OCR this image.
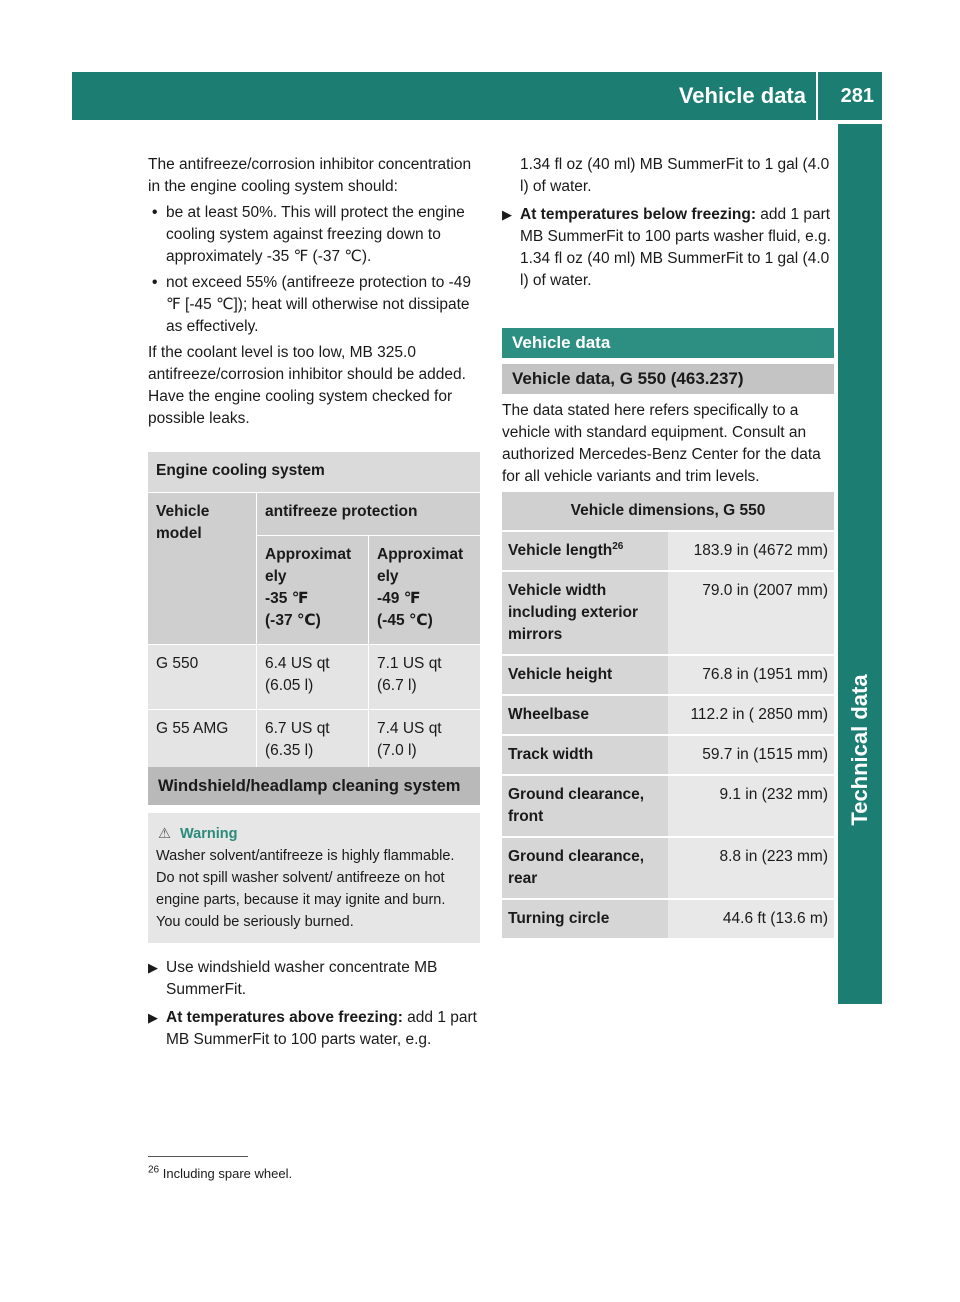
Vehicle data	281
Technical data

The antifreeze/corrosion inhibitor concentration in the engine cooling system should:

• be at least 50%. This will protect the engine cooling system against freezing down to approximately -35 ℉ (-37 ℃).
• not exceed 55% (antifreeze protection to -49 ℉ [-45 ℃]); heat will otherwise not dissipate as effectively.

If the coolant level is too low, MB 325.0 antifreeze/corrosion inhibitor should be added. Have the engine cooling system checked for possible leaks.

Engine cooling system		
Vehicle model	antifreeze protection	
	Approximat
ely
-35 ℉
(-37 ℃)	Approximat
ely
-49 ℉
(-45 ℃)
G 550	6.4 US qt
(6.05 l)	7.1 US qt
(6.7 l)
G 55 AMG	6.7 US qt
(6.35 l)	7.4 US qt
(7.0 l)
Windshield/headlamp cleaning system
⚠ Warning
Washer solvent/antifreeze is highly flammable. Do not spill washer solvent/ antifreeze on hot engine parts, because it may ignite and burn. You could be seriously burned.
▶ Use windshield washer concentrate MB SummerFit.
▶ At temperatures above freezing: add 1 part MB SummerFit to 100 parts water, e.g.

1.34 fl oz (40 ml) MB SummerFit to 1 gal (4.0 l) of water.

▶ At temperatures below freezing: add 1 part MB SummerFit to 100 parts washer fluid, e.g. 1.34 fl oz (40 ml) MB SummerFit to 1 gal (4.0 l) of water.
Vehicle data
Vehicle data, G 550 (463.237)

The data stated here refers specifically to a vehicle with standard equipment. Consult an authorized Mercedes-Benz Center for the data for all vehicle variants and trim levels.

Vehicle dimensions, G 550	
Vehicle length$^{26}$	183.9 in (4672 mm)
Vehicle width including exterior mirrors	79.0 in (2007 mm)
Vehicle height	76.8 in (1951 mm)
Wheelbase	112.2 in ( 2850 mm)
Track width	59.7 in (1515 mm)
Ground clearance, front	9.1 in (232 mm)
Ground clearance, rear	8.8 in (223 mm)
Turning circle	44.6 ft (13.6 m)
$^{26}$ Including spare wheel.
